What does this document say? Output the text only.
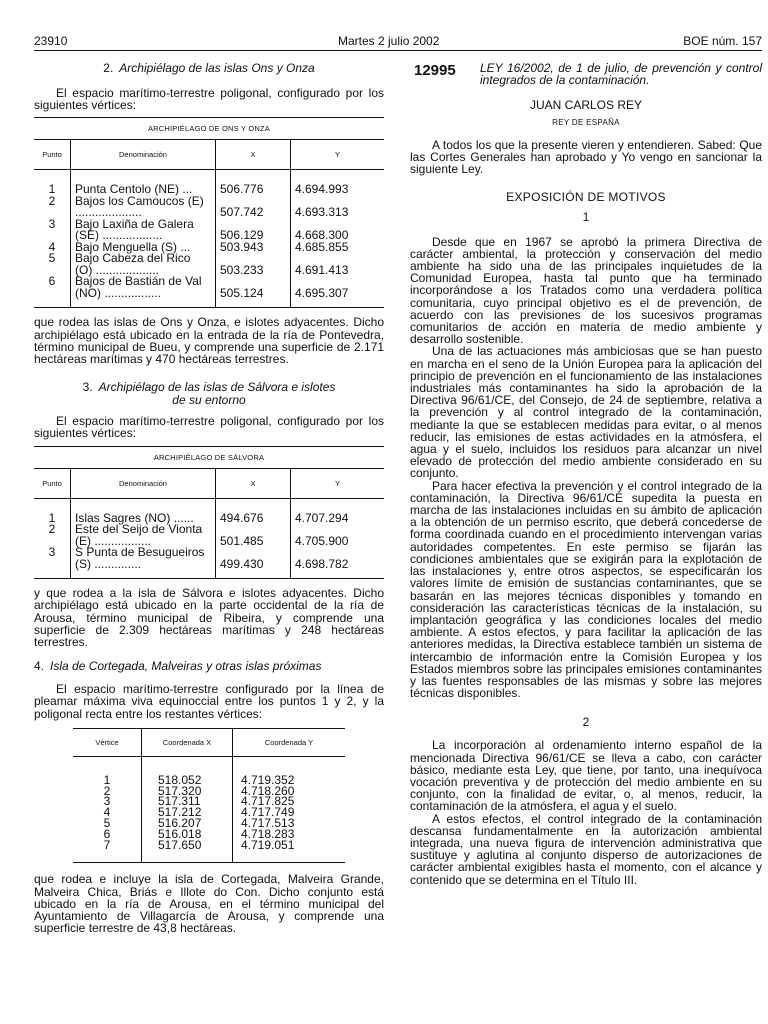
23910	Martes 2 julio 2002	BOE núm. 157
2. Archipiélago de las islas Ons y Onza

El espacio marítimo-terrestre poligonal, configurado por los siguientes vértices:

ARCHIPIÉLAGO DE ONS Y ONZA
Punto	Denominación	X	Y
1	Punta Centolo (NE) ...	506.776	4.694.993
2	Bajos los Camoucos (E) ....................	507.742	4.693.313
3	Bajo Laxiña de Galera (SE) ..................	506.129	4.668.300
4	Bajo Menguella (S) ...	503.943	4.685.855
5	Bajo Cabeza del Rico (O) ...................	503.233	4.691.413
6	Bajos de Bastián de Val (NO) .................	505.124	4.695.307

que rodea las islas de Ons y Onza, e islotes adyacentes. Dicho archipiélago está ubicado en la entrada de la ría de Pontevedra, término municipal de Bueu, y comprende una superficie de 2.171 hectáreas marítimas y 470 hectáreas terrestres.

3. Archipiélago de las islas de Sálvora e islotes
de su entorno

El espacio marítimo-terrestre poligonal, configurado por los siguientes vértices:

ARCHIPIÉLAGO DE SÁLVORA
Punto	Denominación	X	Y
1	Islas Sagres (NO) ......	494.676	4.707.294
2	Este del Seijo de Vionta (E) .................	501.485	4.705.900
3	S Punta de Besugueiros (S) ..............	499.430	4.698.782

y que rodea a la isla de Sálvora e islotes adyacentes. Dicho archipiélago está ubicado en la parte occidental de la ría de Arousa, término municipal de Ribeira, y comprende una superficie de 2.309 hectáreas marítimas y 248 hectáreas terrestres.

4. Isla de Cortegada, Malveiras y otras islas próximas

El espacio marítimo-terrestre configurado por la línea de pleamar máxima viva equinoccial entre los puntos 1 y 2, y la poligonal recta entre los restantes vértices:

Vértice	Coordenada X	Coordenada Y
1	518.052	4.719.352
2	517.320	4.718.260
3	517.311	4.717.825
4	517.212	4.717.749
5	516.207	4.717.513
6	516.018	4.718.283
7	517.650	4.719.051

que rodea e incluye la isla de Cortegada, Malveira Grande, Malveira Chica, Briás e Illote do Con. Dicho conjunto está ubicado en la ría de Arousa, en el término municipal del Ayuntamiento de Villagarcía de Arousa, y comprende una superficie terrestre de 43,8 hectáreas.

12995 LEY 16/2002, de 1 de julio, de prevención y control integrados de la contaminación.
JUAN CARLOS REY
REY DE ESPAÑA

A todos los que la presente vieren y entendieren. Sabed: Que las Cortes Generales han aprobado y Yo vengo en sancionar la siguiente Ley.

EXPOSICIÓN DE MOTIVOS
1

Desde que en 1967 se aprobó la primera Directiva de carácter ambiental, la protección y conservación del medio ambiente ha sido una de las principales inquietudes de la Comunidad Europea, hasta tal punto que ha terminado incorporándose a los Tratados como una verdadera política comunitaria, cuyo principal objetivo es el de prevención, de acuerdo con las previsiones de los sucesivos programas comunitarios de acción en materia de medio ambiente y desarrollo sostenible.

Una de las actuaciones más ambiciosas que se han puesto en marcha en el seno de la Unión Europea para la aplicación del principio de prevención en el funcionamiento de las instalaciones industriales más contaminantes ha sido la aprobación de la Directiva 96/61/CE, del Consejo, de 24 de septiembre, relativa a la prevención y al control integrado de la contaminación, mediante la que se establecen medidas para evitar, o al menos reducir, las emisiones de estas actividades en la atmósfera, el agua y el suelo, incluidos los residuos para alcanzar un nivel elevado de protección del medio ambiente considerado en su conjunto.

Para hacer efectiva la prevención y el control integrado de la contaminación, la Directiva 96/61/CE supedita la puesta en marcha de las instalaciones incluidas en su ámbito de aplicación a la obtención de un permiso escrito, que deberá concederse de forma coordinada cuando en el procedimiento intervengan varias autoridades competentes. En este permiso se fijarán las condiciones ambientales que se exigirán para la explotación de las instalaciones y, entre otros aspectos, se especificarán los valores límite de emisión de sustancias contaminantes, que se basarán en las mejores técnicas disponibles y tomando en consideración las características técnicas de la instalación, su implantación geográfica y las condiciones locales del medio ambiente. A estos efectos, y para facilitar la aplicación de las anteriores medidas, la Directiva establece también un sistema de intercambio de información entre la Comisión Europea y los Estados miembros sobre las principales emisiones contaminantes y las fuentes responsables de las mismas y sobre las mejores técnicas disponibles.

2

La incorporación al ordenamiento interno español de la mencionada Directiva 96/61/CE se lleva a cabo, con carácter básico, mediante esta Ley, que tiene, por tanto, una inequívoca vocación preventiva y de protección del medio ambiente en su conjunto, con la finalidad de evitar, o, al menos, reducir, la contaminación de la atmósfera, el agua y el suelo.

A estos efectos, el control integrado de la contaminación descansa fundamentalmente en la autorización ambiental integrada, una nueva figura de intervención administrativa que sustituye y aglutina al conjunto disperso de autorizaciones de carácter ambiental exigibles hasta el momento, con el alcance y contenido que se determina en el Título III.
